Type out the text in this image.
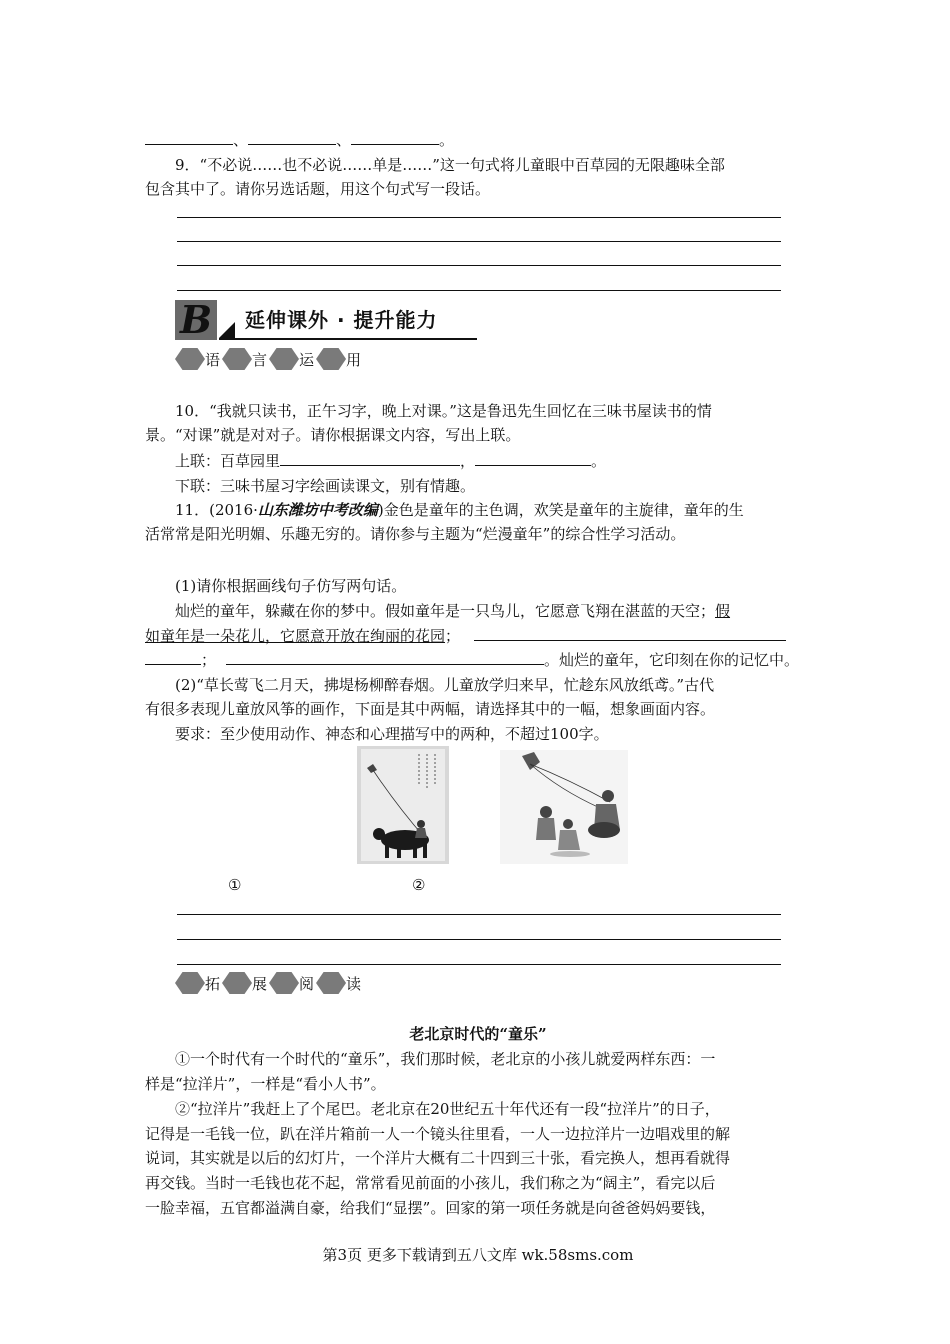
、	、	。
9．“不必说……也不必说……单是……”这一句式将儿童眼中百草园的无限趣味全部
包含其中了。请你另选话题，用这个句式写一段话。
B 延伸课外 · 提升能力
语 言 运 用
10．“我就只读书，正午习字，晚上对课。”这是鲁迅先生回忆在三味书屋读书的情
景。“对课”就是对对子。请你根据课文内容，写出上联。
上联：百草园里	，	。
下联：三味书屋习字绘画读课文，别有情趣。
11．(2016·山东潍坊中考改编)金色是童年的主色调，欢笑是童年的主旋律，童年的生
活常常是阳光明媚、乐趣无穷的。请你参与主题为“烂漫童年”的综合性学习活动。
(1)请你根据画线句子仿写两句话。
灿烂的童年，躲藏在你的梦中。假如童年是一只鸟儿，它愿意飞翔在湛蓝的天空；假
如童年是一朵花儿，它愿意开放在绚丽的花园；
；	。灿烂的童年，它印刻在你的记忆中。
(2)“草长莺飞二月天，拂堤杨柳醉春烟。儿童放学归来早，忙趁东风放纸鸢。”古代
有很多表现儿童放风筝的画作，下面是其中两幅，请选择其中的一幅，想象画面内容。
要求：至少使用动作、神态和心理描写中的两种，不超过100字。
①	②
拓 展 阅 读
老北京时代的“童乐”
①一个时代有一个时代的“童乐”，我们那时候，老北京的小孩儿就爱两样东西：一
样是“拉洋片”，一样是“看小人书”。
②“拉洋片”我赶上了个尾巴。老北京在20世纪五十年代还有一段“拉洋片”的日子，
记得是一毛钱一位，趴在洋片箱前一人一个镜头往里看，一人一边拉洋片一边唱戏里的解
说词，其实就是以后的幻灯片，一个洋片大概有二十四到三十张，看完换人，想再看就得
再交钱。当时一毛钱也花不起，常常看见前面的小孩儿，我们称之为“阔主”，看完以后
一脸幸福，五官都溢满自豪，给我们“显摆”。回家的第一项任务就是向爸爸妈妈要钱，
第3页 更多下载请到五八文库 wk.58sms.com
